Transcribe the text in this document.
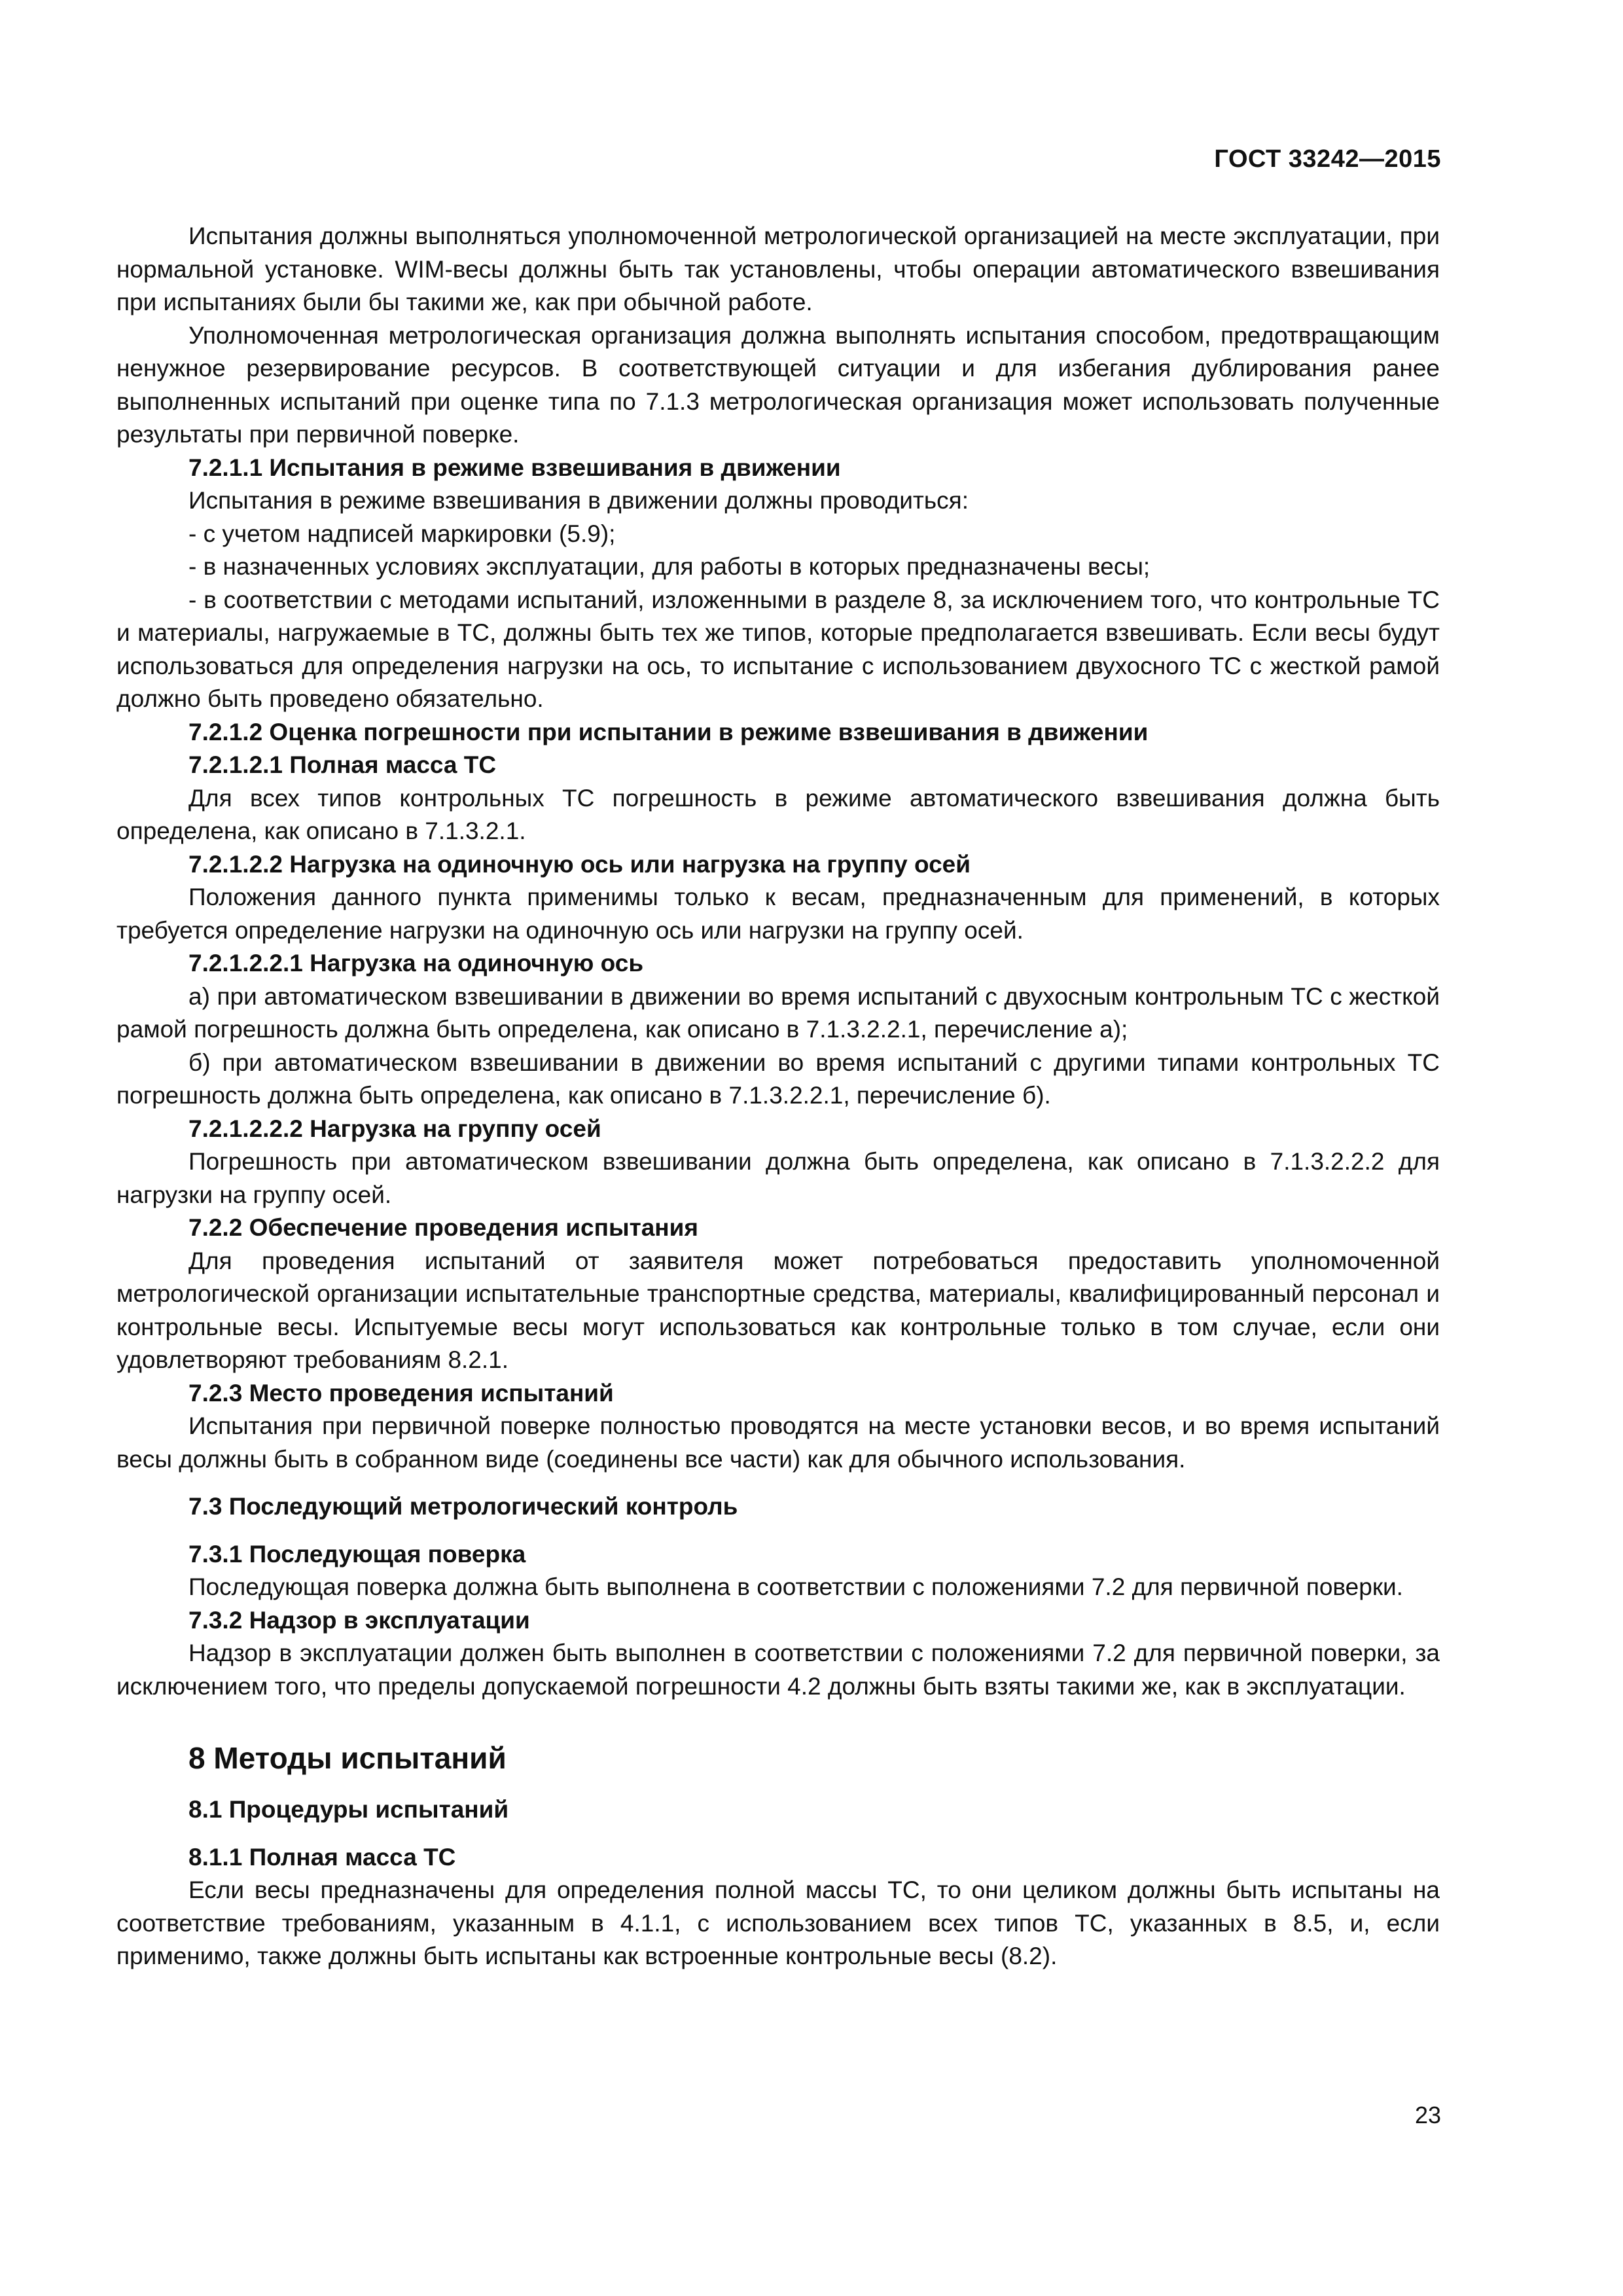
ГОСТ 33242—2015

Испытания должны выполняться уполномоченной метрологической организацией на месте эксплуатации, при нормальной установке. WIM-весы должны быть так установлены, чтобы операции автоматического взвешивания при испытаниях были бы такими же, как при обычной работе.

Уполномоченная метрологическая организация должна выполнять испытания способом, предотвращающим ненужное резервирование ресурсов. В соответствующей ситуации и для избегания дублирования ранее выполненных испытаний при оценке типа по 7.1.3 метрологическая организация может использовать полученные результаты при первичной поверке.

7.2.1.1 Испытания в режиме взвешивания в движении

Испытания в режиме взвешивания в движении должны проводиться:

- с учетом надписей маркировки (5.9);

- в назначенных условиях эксплуатации, для работы в которых предназначены весы;

- в соответствии с методами испытаний, изложенными в разделе 8, за исключением того, что контрольные ТС и материалы, нагружаемые в ТС, должны быть тех же типов, которые предполагается взвешивать. Если весы будут использоваться для определения нагрузки на ось, то испытание с использованием двухосного ТС с жесткой рамой должно быть проведено обязательно.

7.2.1.2 Оценка погрешности при испытании в режиме взвешивания в движении

7.2.1.2.1 Полная масса ТС

Для всех типов контрольных ТС погрешность в режиме автоматического взвешивания должна быть определена, как описано в 7.1.3.2.1.

7.2.1.2.2 Нагрузка на одиночную ось или нагрузка на группу осей

Положения данного пункта применимы только к весам, предназначенным для применений, в которых требуется определение нагрузки на одиночную ось или нагрузки на группу осей.

7.2.1.2.2.1 Нагрузка на одиночную ось

а) при автоматическом взвешивании в движении во время испытаний с двухосным контрольным ТС с жесткой рамой погрешность должна быть определена, как описано в 7.1.3.2.2.1, перечисление а);

б) при автоматическом взвешивании в движении во время испытаний с другими типами контрольных ТС погрешность должна быть определена, как описано в 7.1.3.2.2.1, перечисление б).

7.2.1.2.2.2 Нагрузка на группу осей

Погрешность при автоматическом взвешивании должна быть определена, как описано в 7.1.3.2.2.2 для нагрузки на группу осей.

7.2.2 Обеспечение проведения испытания

Для проведения испытаний от заявителя может потребоваться предоставить уполномоченной метрологической организации испытательные транспортные средства, материалы, квалифицированный персонал и контрольные весы. Испытуемые весы могут использоваться как контрольные только в том случае, если они удовлетворяют требованиям 8.2.1.

7.2.3 Место проведения испытаний

Испытания при первичной поверке полностью проводятся на месте установки весов, и во время испытаний весы должны быть в собранном виде (соединены все части) как для обычного использования.

7.3 Последующий метрологический контроль

7.3.1 Последующая поверка

Последующая поверка должна быть выполнена в соответствии с положениями 7.2 для первичной поверки.

7.3.2 Надзор в эксплуатации

Надзор в эксплуатации должен быть выполнен в соответствии с положениями 7.2 для первичной поверки, за исключением того, что пределы допускаемой погрешности 4.2 должны быть взяты такими же, как в эксплуатации.

8 Методы испытаний

8.1 Процедуры испытаний

8.1.1 Полная масса ТС

Если весы предназначены для определения полной массы ТС, то они целиком должны быть испытаны на соответствие требованиям, указанным в 4.1.1, с использованием всех типов ТС, указанных в 8.5, и, если применимо, также должны быть испытаны как встроенные контрольные весы (8.2).

23
